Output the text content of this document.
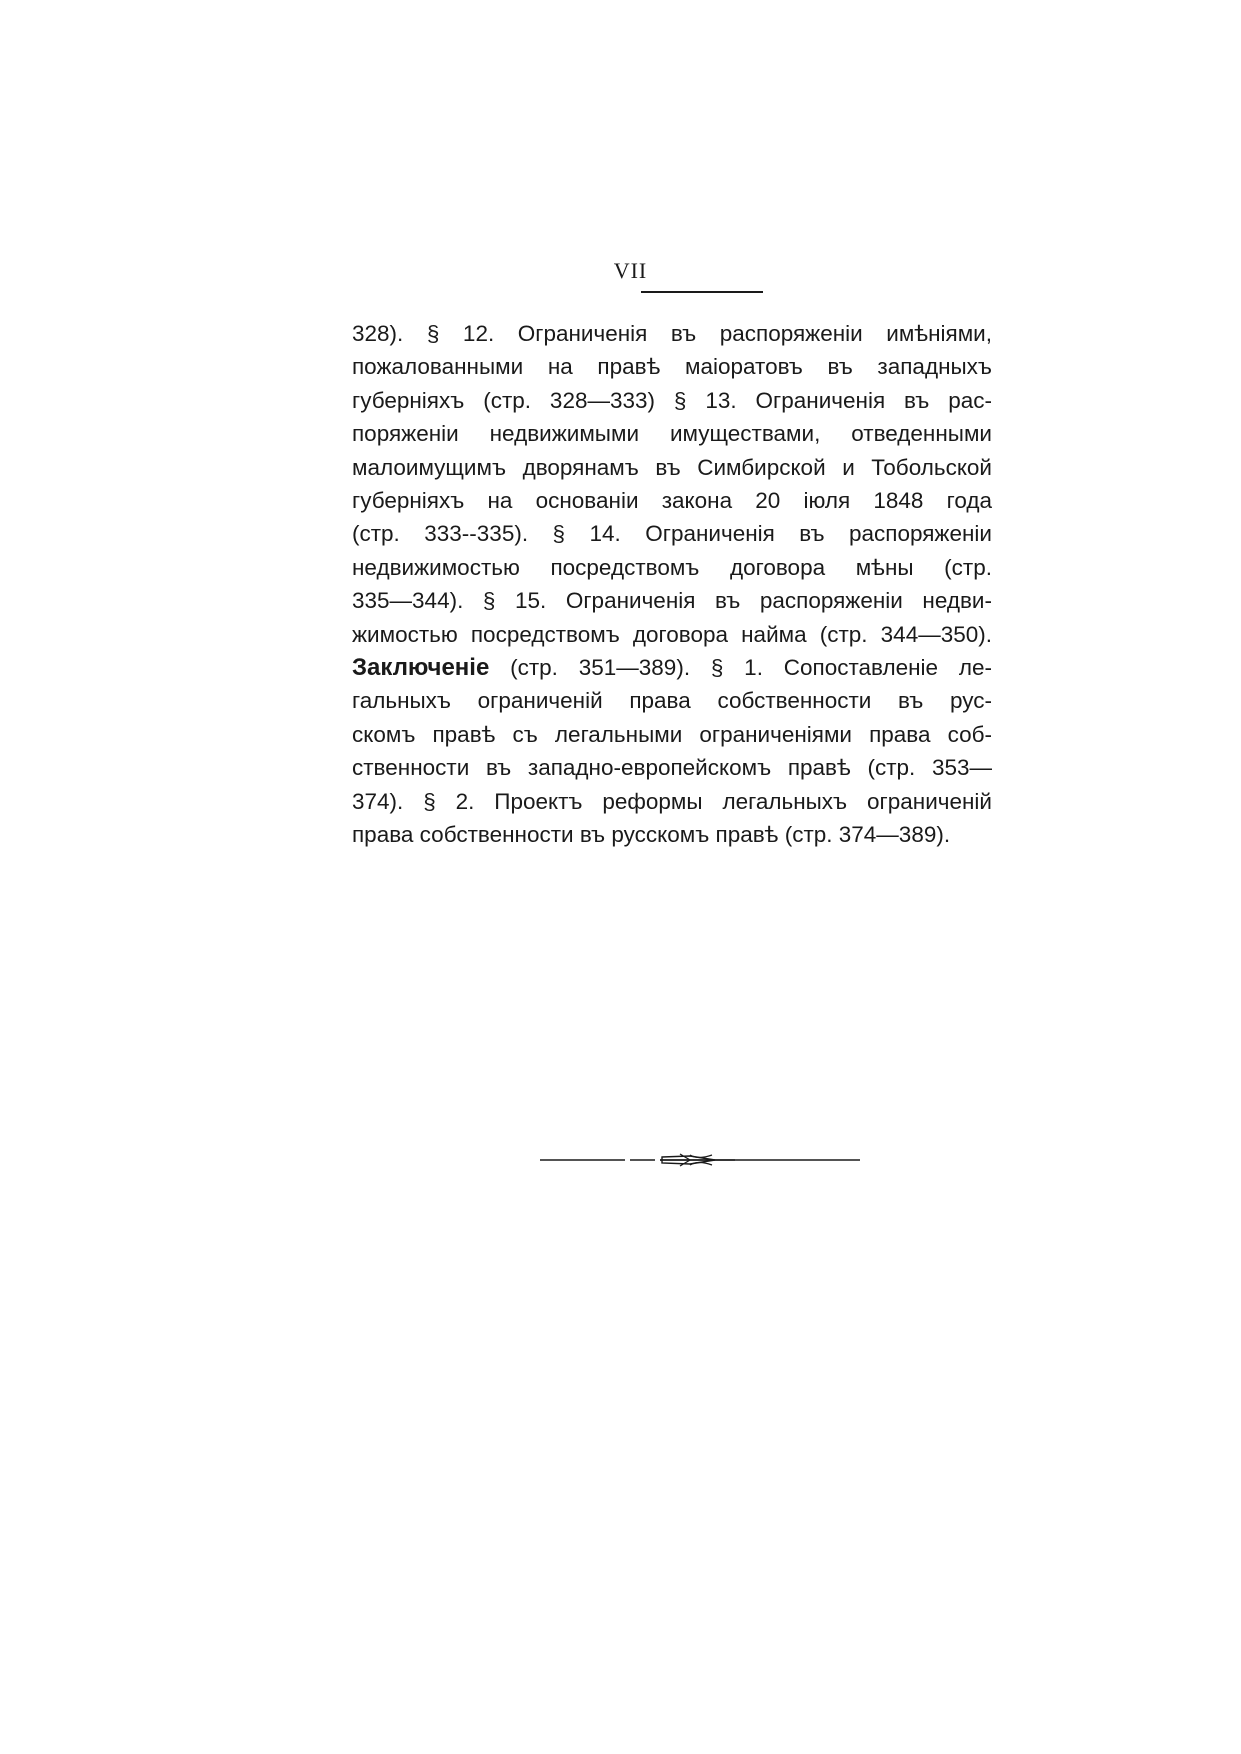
VII
328). § 12. Ограниченія въ распоряженіи имѣніями,
пожалованными на правѣ маіоратовъ въ западныхъ
губерніяхъ (стр. 328—333) § 13. Ограниченія въ рас-
поряженіи недвижимыми имуществами, отведенными
малоимущимъ дворянамъ въ Симбирской и Тобольской
губерніяхъ на основаніи закона 20 іюля 1848 года
(стр. 333--335). § 14. Ограниченія въ распоряженіи
недвижимостью посредствомъ договора мѣны (стр.
335—344). § 15. Ограниченія въ распоряженіи недви-
жимостью посредствомъ договора найма (стр. 344—350).
Заключеніе (стр. 351—389). § 1. Сопоставленіе ле-
гальныхъ ограниченій права собственности въ рус-
скомъ правѣ съ легальными ограниченіями права соб-
ственности въ западно-европейскомъ правѣ (стр. 353—
374). § 2. Проектъ реформы легальныхъ ограниченій
права собственности въ русскомъ правѣ (стр. 374—389).
